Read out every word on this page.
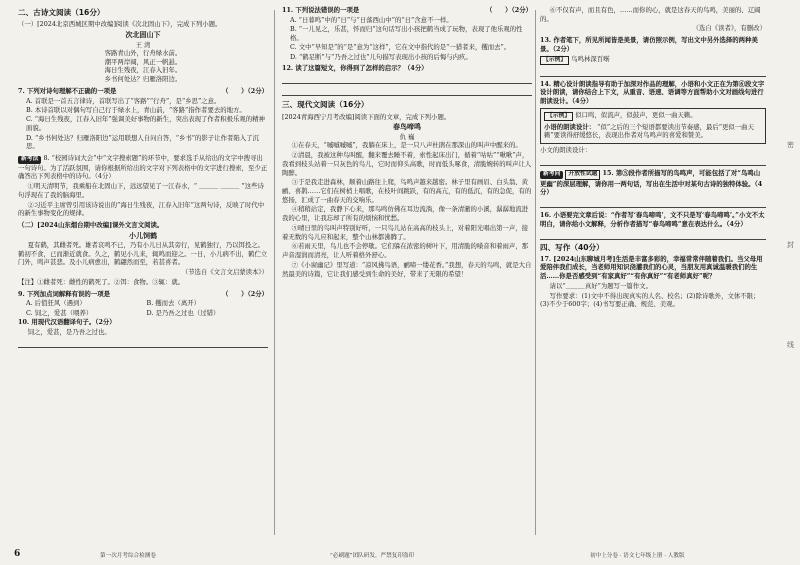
二、古诗文阅读（16分）
（一）[2024北京西城区期中改编]阅读《次北固山下》，完成下列小题。
次北固山下
王 湾
客路青山外，行舟绿水前。
潮平两岸阔，风正一帆悬。
海日生残夜，江春入旧年。
乡书何处达？归雁洛阳边。
7. 下列对诗句理解不正确的一项是	（　　）（2分）
A. 首联是一首五言律诗，首联写出了“客路”“行舟”，是“乡思”之意。
B. 本诗首联以对偶句写自己行于绿水上，青山前，“客路”指作者要去的地方。
C. “海日生残夜，江春入旧年”强调美好事物的新生，突出表现了作者积极乐观的精神面貌。
D. “乡书何处达？归雁洛阳边”运用联想人自问自答，“乡书”的影子让作者陷入了沉思。
新考法 8. “校园诗词大会”中“文字搜索题”的环节中，要求选手从给出的文字中搜寻出一句诗句。为了活跃氛围，请你根据所给出的文字对下列表格中的文字进行搜索，至少正确答出下列表格中的诗句。（4分）
①明天清明节，我乘船在北固山下，远远望见了一江春水，“ ＿＿＿ ＿＿＿ ”这些诗句浮现在了我的脑海里。
②习近平主席曾引用该诗说出的“海日生残夜，江春入旧年”这两句诗，反映了时代中的新生事物变化的规律。
（二）[2024山东烟台期中改编]课外文言文阅读。
小儿饲鹤
夏有鹤，其雌者死。雄者哀鸣不已，乃有小儿日从其旁行，见鹤独行，乃以饵投之。鹤初不食，已而渐近就食。久之，鹤见小儿来，辄鸣而迎之。一日，小儿病不出，鹤伫立门外，鸣声甚悲。及小儿病愈出，鹤翩然而至，若甚喜者。
（节选自《文言文启蒙读本》）
【注】①雌者死：雌性的鹤死了。②饵：食物。③辄：就。
9. 下列加点词解释有误的一项是	（　　）（2分）
A. 后值狂风（遇到）	B. 攫而去（离开）
C. 饲之，爱甚（喂养）	D. 是乃吾之过也（过错）
10. 用现代汉语翻译句子。（2分）
饲之，爱甚，是乃吾之过也。
11. 下列说法错误的一项是	（　　）（2分）
A. “日暮鸣”中的“日”与“日落西山中”的“日”含意不一样。
B. “一儿见之，乐甚，怀而归”这句话写出小孩把鹤当成了玩物，表现了他乐观的性格。
C. 文中“早知是”的“是”意为“这样”，它在文中指代的是“一猎者来，攫而去”。
D. “鹤足断”与“乃吾之过也”儿句描写表现出小孩的后悔与内疚。
12. 读了这篇短文，你得到了怎样的启示？（4分）
三、现代文阅读（16分）
[2024青海西宁月考改编]阅读下面的文章，完成下列小题。
春鸟啼鸣
仇 巍
①在春天，“嘁嘁嘁嘁”，我躺在床上，是一只八声杜鹃在那深山的叫声中醒来的。
②清晨，我被这种鸟叫醒，翻来覆去睡不着，索性起床出门，循着“咕咕”“啾啾”声，我看到枝头站着一只灰色的鸟儿，它时而仰头高歌，时而低头啄食，清脆婉转的叫声让人陶醉。
③于是我走进森林，顺着山路往上爬，鸟鸣声越来越密。林子里有画眉、白头翁、黄鹂、喜鹊……它们在树梢上唱歌，在枝叶间跳跃，有的高亢，有的低沉，有的急促，有的悠扬，汇成了一曲春天的交响乐。
④稍稍站定，我静下心来，那鸟鸣仿佛在耳边流淌，像一条清澈的小溪，潺潺地流进我的心里，让我忘却了所有的烦恼和忧愁。
⑤晴日里的鸟叫声特别好听，一只鸟儿站在高高的枝头上，对着阳光唱出第一声，接着无数的鸟儿应和起来，整个山林都沸腾了。
⑥若雨天里，鸟儿也不会停歇。它们躲在浓密的树叶下，用清脆的嗓音和着雨声，那声音湿润而清亮，让人听着格外舒心。
⑦《小窗幽记》里写道：“凉风拂鸟语，鹂啼一缕花香。”我想，春天的鸟鸣，就是大自然最美的诗篇，它让我们感受到生命的美好，带来了无限的希望！
⑥不仅有声，而且有色，……而你的心，就是这春天的鸟鸣，美丽的、辽阔的。
（选自《读者》，有删改）
13. 作者笔下，所见所闻皆是美景，请仿照示例，写出文中另外选择的两种美景。（2分）
【示例】 鸟鸣林深百啭
14. 精心设计朗读指导有助于加深对作品的理解，小语和小文正在为第⑥段文字设计朗读，请你结合上下文，从重音、语速、语调等方面帮助小文对画线句进行朗读设计。（4分）
【示例】 似口鸣，似流声，似鼓声，更似一曲天籁。
小语的朗读设计： “似”之后的三个短语都要读出节奏感，最后“更似一曲天籁”要读得舒缓悠长，表现出作者对鸟鸣声的喜爱和赞美。
小文的朗读设计：
新考向 开放性试题 15. 第⑤段作者所描写的鸟鸣声，可能包括了对“鸟鸣山更幽”的深层理解，请你用一两句话，写出在生活中对某句古诗的独特体验。（4分）
16. 小语要完文章后说：“作者写‘春鸟啼鸣’，文不只是写‘春鸟啼鸣’。”小文不太明白，请你给小文解释，分析作者描写“春鸟啼鸣”意在表达什么。（4分）
四、写作（40分）
17. [2024山东聊城月考]生活是丰富多彩的，幸福常常伴随着我们。当父母用爱陪伴我们成长，当老师用知识浇灌我们的心灵，当朋友用真诚温暖我们的生活……你是否感受到“有家真好”“有你真好”“有老师真好”呢？
请以“＿＿＿真好”为题写一篇作文。
写作要求：(1)文中不得出现真实的人名、校名；(2)除诗歌外，文体不限；(3)不少于600字；(4)书写要正确、规范、美观。
密
封
线
6	第一次月考综合检测卷	“必刷题”团队研发，严禁复印盗印	初中上分卷 · 语文七年级上册 · 人教版
